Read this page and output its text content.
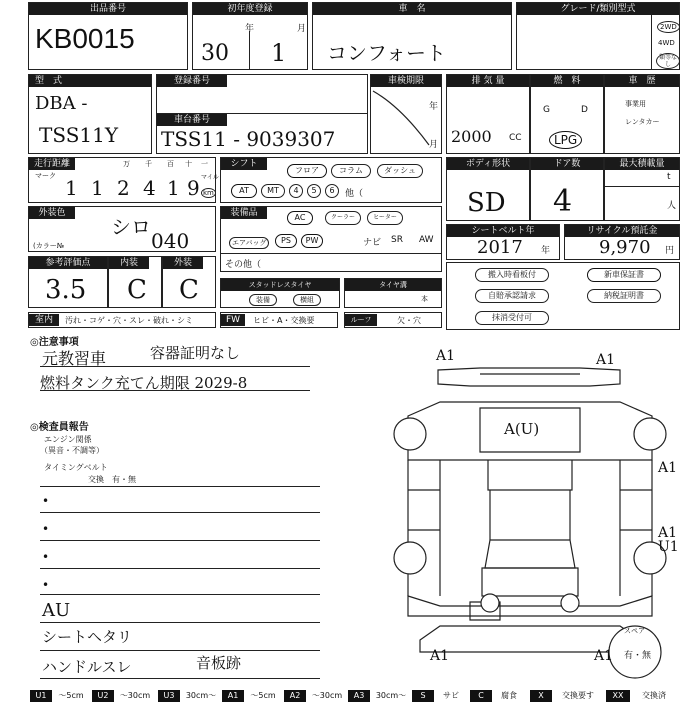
出品番号
KB0015
初年度登録
年	月
30 1
車　名
コンフォート
グレード/類別型式
2WD
4WD
類等なし
型　式
DBA -
TSS11Y
登録番号
車台番号
TSS11 - 9039307
車検期限
年
月
排 気 量
2000 CC
燃　料
G	D
LPG
車　歴
事業用
レンタカー
走行距離
マーク
万 千 百 十 一
1 1 2 4 1 9 マイル
km
シフト
フロア	コラム	ダッシュ
AT	MT	4	5	6	他（
ボディ形状
SD
ドア数
4
最大積載量
t
人
外装色
シロ
(カラー№	040
装備品	AC	クーラー	ヒーター
エアバッグ	PS	PW	ナビ SR AW
その他（
シートベルト年
2017 年
リサイクル預託金
9,970 円
参考評価点
3.5
内装
C
外装
C	スタッドレスタイヤ
装備	横組
タイヤ溝
本
搬入時看板付
自賠承認請求
抹消受付可
新車保証書
納税証明書
室内	汚れ・コゲ・穴・スレ・破れ・シミ	FW	ヒビ・A・交換要	ルーフ	欠・穴
◎注意事項
元教習車	容器証明なし
燃料タンク充てん期限 2029-8
◎検査員報告
エンジン関係
（異音・不調等）
タイミングベルト
交換　有・無
•
•
•
•
AU
シートヘタリ
ハンドルスレ	音板跡
A1	A1
A(U)
A1
A1 U1
A1	A1
スペア
有・無
U1	～5cm	U2	～30cm	U3	30cm～	A1	～5cm	A2	～30cm	A3	30cm～	S	サビ	C	腐食	X	交換要す	XX	交換済
